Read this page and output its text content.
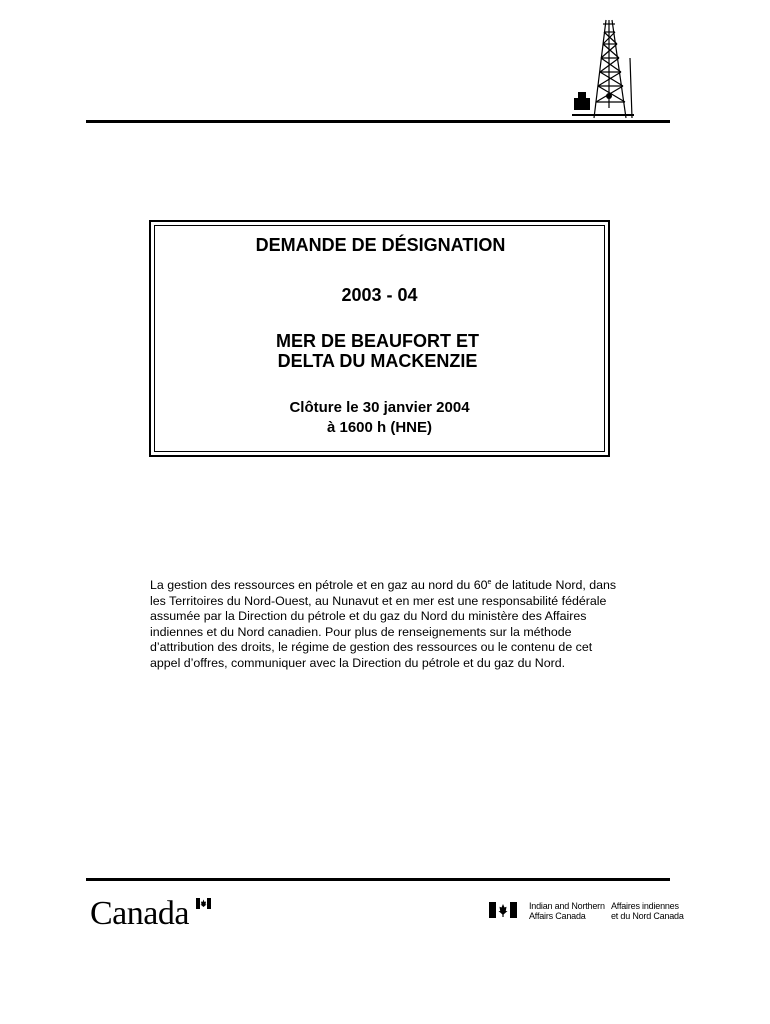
DEMANDE DE DÉSIGNATION
2003 - 04
MER DE BEAUFORT ET
DELTA DU MACKENZIE
Clôture le 30 janvier 2004
à 1600 h (HNE)

La gestion des ressources en pétrole et en gaz au nord du 60e de latitude Nord, dans les Territoires du Nord-Ouest, au Nunavut et en mer est une responsabilité fédérale assumée par la Direction du pétrole et du gaz du Nord du ministère des Affaires indiennes et du Nord canadien. Pour plus de renseignements sur la méthode d’attribution des droits, le régime de gestion des ressources ou le contenu de cet appel d’offres, communiquer avec la Direction du pétrole et du gaz du Nord.

Canada	Indian and Northern
Affairs Canada
Affaires indiennes
et du Nord Canada
